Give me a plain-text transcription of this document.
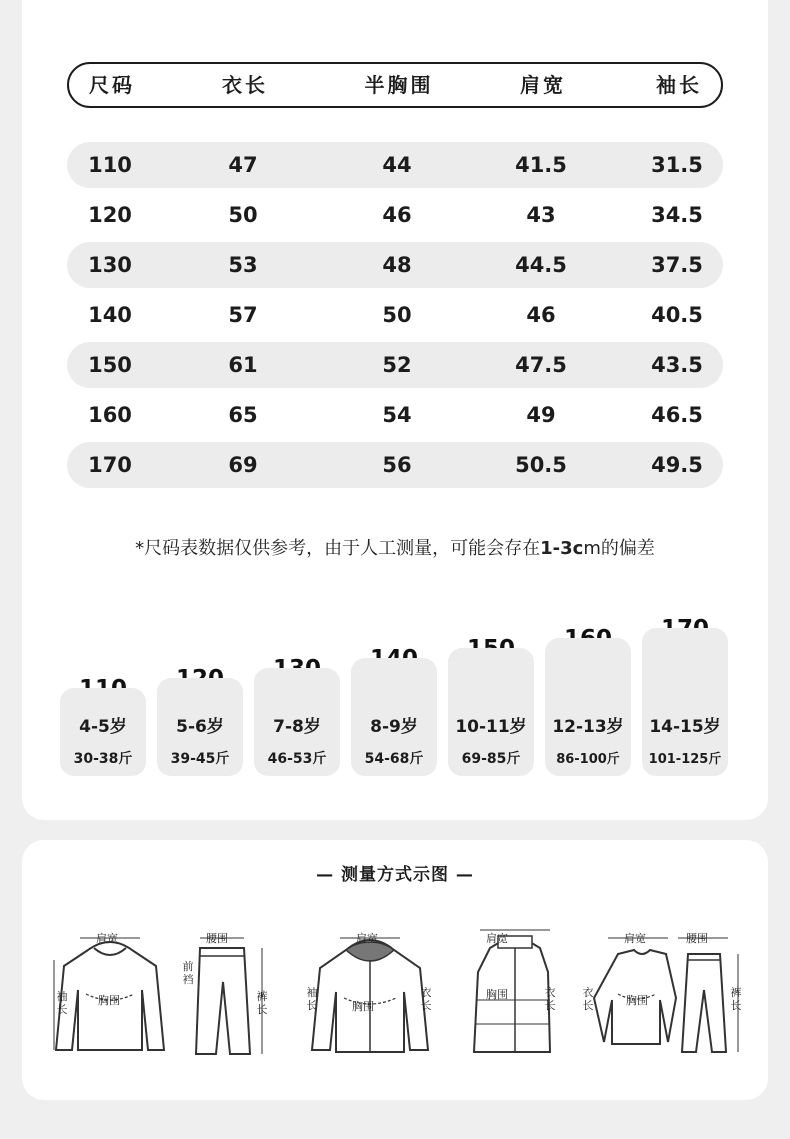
尺码	衣长	半胸围	肩宽	袖长
110	47	44	41.5	31.5
120	50	46	43	34.5
130	53	48	44.5	37.5
140	57	50	46	40.5
150	61	52	47.5	43.5
160	65	54	49	46.5
170	69	56	50.5	49.5
*尺码表数据仅供参考，由于人工测量，可能会存在1-3cm的偏差
4-5岁
30-38斤
5-6岁
39-45斤
7-8岁
46-53斤
8-9岁
54-68斤
10-11岁
69-85斤
12-13岁
86-100斤
14-15岁
101-125斤
— 测量方式示图 —
肩宽
胸围
袖长
腰围
前裆
裤长
肩宽
胸围
袖长
衣长
肩宽
胸围	衣长
肩宽	腰围
胸围
衣长
裤长
